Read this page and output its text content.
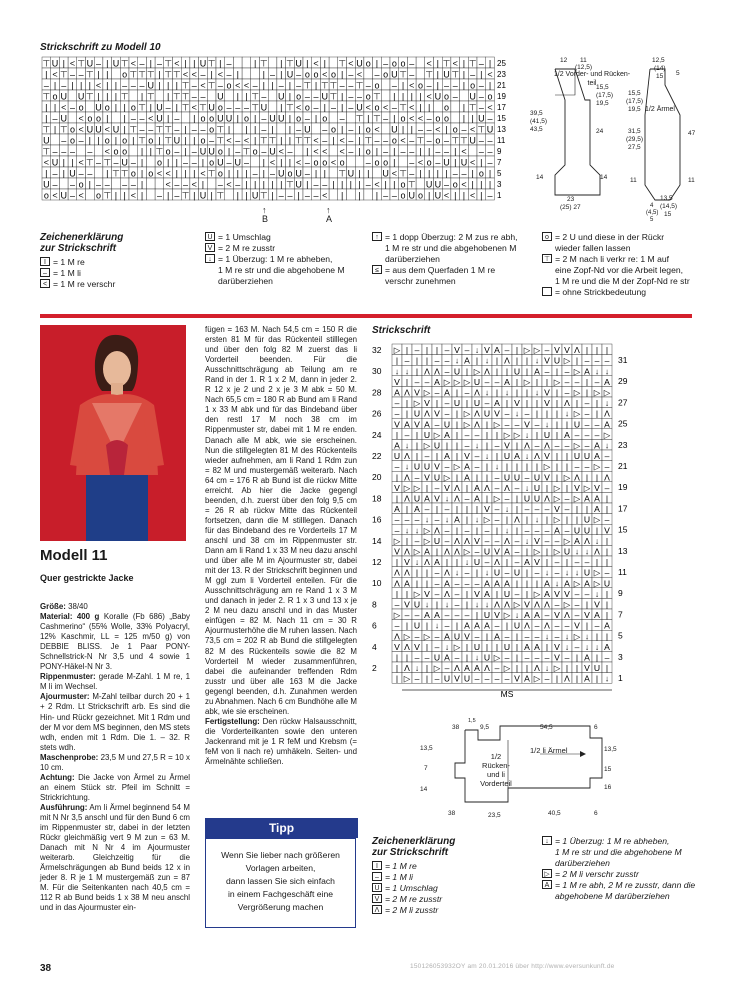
Strickschrift zu Modell 10
⊤ U | < ⊤ U – | U ⊤ < – | – ⊤ < | | U ⊤ | – | ⊤ | ⊤ U | < | ⊤ < U o | – o o – < | ⊤ < | ⊤ – |
| < ⊤ – – ⊤ | | o ⊤ ⊤ ⊤ | ⊤ ⊤ < < – | < – |	| – | U – o o < o | – < – o U ⊤ – ⊤ | U ⊤ | – | <
– | – | | | < | | – – – U | | | ⊤ – < ⊤ – o < < – | | – | – ⊤ | ⊤ ⊤ – – ⊤ – o – | < o – | – – | o – |
⊤ o U U ⊤ | | | ⊤ | ⊤ | ⊤ ⊤ – – U | | ⊤ – U | o – – U ⊤ | – – o ⊤ | | | | < U o – U – o
| | < – o U o | | o ⊤ | U – | ⊤ < ⊤ U o – – – ⊤ U | ⊤ < o – | – | – U < o < – ⊤ < | | o | ⊤ – <
| – U < o o | | – – < U | – | o o U U | o | – U U | o – | o – ⊤ | ⊤ – | o < < – o o | | U –
⊤ | ⊤ o < U U < U | ⊤ – – ⊤ ⊤ – | – – o ⊤ | | | – | | – U – o | – | o < U | | – – < | o – < ⊤ U
U – o – | | o | o | ⊤ o | ⊤ U | | o – ⊤ < – < | ⊤ ⊤ | | ⊤ ⊤ < – | < – | ⊤ – – o < – ⊤ – o – ⊤ ⊤ U – –
⊤ – – – – < o o | | ⊤ o – | – U U o | – ⊤ o – U < – | < < < – | o | – | – – | | – – | < – –
< U | | < ⊤ – ⊤ – U – | o | | – – | o U – U – | < | | < – o o < o – o o | – < o – U | U < | –
| – | U – – | ⊤ ⊤ o | o < < | | | < ⊤ o | | | – | – U o U – | | ⊤ U | | U < ⊤ – | | | | – – | o |
U – – o | – – – – | < – – < | – < – | | | | | ⊤ U | – – | | | | – < | | o ⊤ U U – o < | | |
o < U – < o ⊤ | | < | – | – ⊤ | U | ⊤ | | U ⊤ | – – | – – < | | | – – o U o | U < | | < | –
25
23
21
19
17
15
13
11
9
7
5
3
1
↑
B
↑
A
1/2 Vorder- und Rücken- teil
1/2 Ärmel
12
(12,5)
11
39,5
(41,5)
43,5	24
15,5
(17,5)
19,5
14	14
23
(25) 27
12,5
(14)
15 5
15,5
(17,5)
19,5
31,5
(29,5)
27,5
47
11	11
13,5
(14,5)
15
4
(4,5)
5
Zeichenerklärung
zur Strickschrift
I = 1 M re
– = 1 M li
< = 1 M re verschr
U = 1 Umschlag
V = 2 M re zusstr
↓ = 1 Überzug: 1 M re abheben,
1 M re str und die abgehobene M
darüberziehen
↑ = 1 dopp Überzug: 2 M zus re abh,
1 M re str und die abgehobenen M
darüberziehen
≤ = aus dem Querfaden 1 M re
verschr zunehmen
o = 2 U und diese in der Rückr
wieder fallen lassen
⊤ = 2 M nach li verkr re: 1 M auf
eine Zopf-Nd vor die Arbeit legen,
1 M re und die M der Zopf-Nd re str
= ohne Strickbedeutung
Modell 11
Quer gestrickte Jacke
Größe: 38/40
Material: 400 g Koralle (Fb 686) „Baby Cashmerino“ (55% Wolle, 33% Polyacryl, 12% Kaschmir, LL = 125 m/50 g) von DEBBIE BLISS. Je 1 Paar PONY-Schnellstrick-N Nr 3,5 und 4 sowie 1 PONY-Häkel-N Nr 3.
Rippenmuster: gerade M-Zahl. 1 M re, 1 M li im Wechsel.
Ajourmuster: M-Zahl teilbar durch 20 + 1 + 2 Rdm. Lt Strickschrift arb. Es sind die Hin- und Rückr gezeichnet. Mit 1 Rdm und der M vor dem MS beginnen, den MS stets wdh, enden mit 1 Rdm. Die 1. – 32. R stets wdh.
Maschenprobe: 23,5 M und 27,5 R = 10 x 10 cm.
Achtung: Die Jacke von Ärmel zu Ärmel an einem Stück str. Pfeil im Schnitt = Strickrichtung.
Ausführung: Am li Ärmel beginnend 54 M mit N Nr 3,5 anschl und für den Bund 6 cm im Rippenmuster str, dabei in der letzten Rückr gleichmäßig vert 9 M zun = 63 M. Danach mit N Nr 4 im Ajourmuster weiterarb. Gleichzeitig für die Ärmelschrägungen ab Bund beids 12 x in jeder 8. R je 1 M mustergemäß zun = 87 M. Für die Seitenkanten nach 40,5 cm = 112 R ab Bund beids 1 x 38 M neu anschl und in das Ajourmuster ein-
fügen = 163 M. Nach 54,5 cm = 150 R die ersten 81 M für das Rückenteil stilllegen und über den folg 82 M zuerst das li Vorderteil beenden. Für die Ausschnittschrägung ab Teilung am re Rand in der 1. R 1 x 2 M, dann in jeder 2. R 12 x je 2 und 2 x je 3 M abk = 50 M. Nach 65,5 cm = 180 R ab Bund am li Rand 1 x 33 M abk und für das Bindeband über den restl 17 M noch 38 cm im Rippenmuster str, dabei mit 1 M re enden. Danach alle M abk, wie sie erscheinen. Nun die stillgelegten 81 M des Rückenteils wieder aufnehmen, am li Rand 1 Rdm zun = 82 M und mustergemäß weiterarb. Nach 64 cm = 176 R ab Bund ist die rückw Mitte erreicht. Ab hier die Jacke gegengl beenden, d.h. zuerst über den folg 9,5 cm = 26 R ab rückw Mitte das Rückenteil fortsetzen, dann die M stilllegen. Danach für das Bindeband des re Vorderteils 17 M anschl und 38 cm im Rippenmuster str. Dann am li Rand 1 x 33 M neu dazu anschl und über alle M im Ajourmuster str, dabei mit der 13. R der Strickschrift beginnen und M ggl zum li Vorderteil enteilen. Für die Ausschnittschrägung am re Rand 1 x 3 M und danach in jeder 2. R 1 x 3 und 13 x je 2 M neu dazu anschl und in das Muster einfügen = 82 M. Nach 11 cm = 30 R Ajourmusterhöhe die M ruhen lassen. Nach 73,5 cm = 202 R ab Bund die stillgelegten 82 M des Rückenteils sowie die 82 M Vorderteil M wieder zusammenführen, dabei die aufeinander treffenden Rdm zusstr und über alle 163 M die Jacke gegengl beenden, d.h. Zunahmen werden zu Abnahmen. Nach 6 cm Bundhöhe alle M abk, wie sie erscheinen.
Fertigstellung: Den rückw Halsausschnitt, die Vorderteilkanten sowie den unteren Jackenrand mit je 1 R feM und Krebsm (= feM von li nach re) umhäkeln. Seiten- und Ärmelnähte schließen.
Tipp
Wenn Sie lieber nach größeren
Vorlagen arbeiten,
dann lassen Sie sich einfach
in einem Fachgeschäft eine
Vergrößerung machen
Strickschrift
▷ | – | | – V – ↓ V A – | ▷ ▷ – V V Λ | | |
| – | | – – ↓ A | ↓ | Λ | | ↓ V U ▷ | – – –
↓ ↓ | Λ Λ – U | ▷ Λ | | U | A – | – ▷ A ↓ ↓
V | – – A ▷ ▷ ▷ U – – A | ▷ | | ▷ – – | – A
A Λ V ▷ – A | – Λ ↓ | ↓ | | ↓ V | – ▷ | ▷ ▷
– | ▷ V | – U | U – A | V | | V | Λ | – | ↓
– | U Λ V – | ▷ Λ U V – ↓ – | | | ↓ ▷ – | Λ
V A V A – U | ▷ Λ | ▷ – – V – ↓ | | U – – A
| – | U ▷ A | – – | | ▷ ▷ ↓ | U | A – – – ▷
A ↓ | ▷ U | | – ↓ | – V | Λ – Λ – – ▷ – A ↓
U Λ | – | A | V – ↓ | U A ↓ Λ V | | U U A –
– ↓ U U V – ▷ A – | ↓ | | | | ▷ | | – – ▷ –
| Λ – V U ▷ | A | | – U U – U V | ▷ Λ | | Λ
V ▷ ▷ | – V Λ | A Λ – Λ – ↓ U | ▷ | V ▷ V –
| Λ U A V ↓ Λ – A | ▷ – | U U Λ ▷ – ▷ A A |
A | A – | – | | | V – ↓ | – – – V – | | A |
– – – ↓ – ↓ A | ↓ ▷ – | Λ | ↓ | ▷ | | U ▷ –
– ↓ ↓ ▷ Λ – | – | – | ↓ | – – – A – U U | V
▷ | – ▷ U – Λ Λ V – – Λ – ↓ V – – ▷ A Λ ↓ |
V Λ ▷ A | Λ Λ ▷ – U V A – | ▷ | ▷ U ↓ ↓ Λ |
| V ↓ Λ A | | ↓ U – Λ | – A V | – | – – | |
Λ Λ | | – Λ ↓ – | ↓ U – U | – ↓ – ↓ ↓ U ▷ –
Λ A | | – A – – – A A A | | | A ↓ A ▷ A ▷ U
| | ▷ V – Λ – | V A | U – | ▷ A V V – – ↓ |
– V U ↓ | ↓ – | ↓ ↓ Λ Λ ▷ V Λ Λ – ▷ – | V |
▷ – – A A – – – | U V ▷ ↓ A A – V Λ – V A |
– | U | ↓ – | A A A – | U Λ – Λ – – V | – A
Λ ▷ – ▷ – A U V – | A – | – – ↓ – ↓ ▷ ↓ | |
V Λ V | – ↓ ▷ | U | | U | A A | V ↓ – ↓ ↓ A
| | – – U A – | ↓ U ▷ – | – – – V – | A | –
| Λ ↓ | ▷ – Λ A A Λ – ▷ | | Λ ↓ ▷ | | V U |
| ▷ – | – U V U – – – – V A ▷ – | Λ | A | ↓
32
30
28
26
24
22
20
18
16
14
12
10
8
6
4
2
31
29
27
25
23
21
19
17
15
13
11
9
7
5
3
1
MS
1/2 Rücken- und li Vorderteil
1/2 li Ärmel
38
1,5
9,5	54,5	6
13,5	13,5
7
14
15
16
38	23,5	40,5	6
Zeichenerklärung
zur Strickschrift
I = 1 M re
– = 1 M li
U = 1 Umschlag
V = 2 M re zusstr
Λ = 2 M li zusstr
↓ = 1 Überzug: 1 M re abheben,
1 M re str und die abgehobene M
darüberziehen
▷ = 2 M li verschr zusstr
A = 1 M re abh, 2 M re zusstr, dann die
abgehobene M darüberziehen
38	150126053932OY am 20.01.2016 über http://www.eversunkunft.de
